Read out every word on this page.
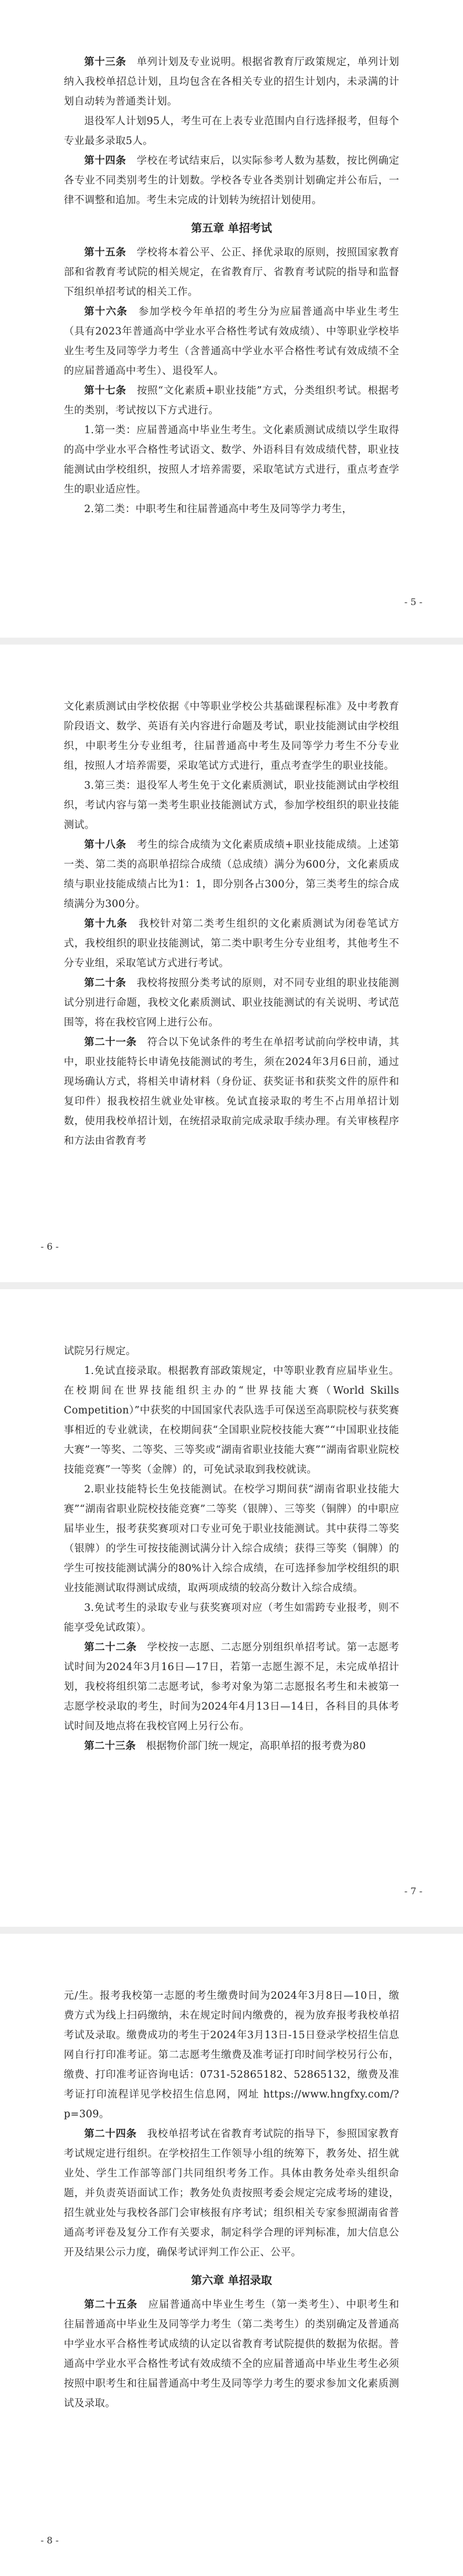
第十三条  单列计划及专业说明。根据省教育厅政策规定，单列计划纳入我校单招总计划，且均包含在各相关专业的招生计划内，未录满的计划自动转为普通类计划。

退役军人计划95人，考生可在上表专业范围内自行选择报考，但每个专业最多录取5人。

第十四条  学校在考试结束后，以实际参考人数为基数，按比例确定各专业不同类别考生的计划数。学校各专业各类别计划确定并公布后，一律不调整和追加。考生未完成的计划转为统招计划使用。

第五章 单招考试

第十五条  学校将本着公平、公正、择优录取的原则，按照国家教育部和省教育考试院的相关规定，在省教育厅、省教育考试院的指导和监督下组织单招考试的相关工作。

第十六条  参加学校今年单招的考生分为应届普通高中毕业生考生（具有2023年普通高中学业水平合格性考试有效成绩）、中等职业学校毕业生考生及同等学力考生（含普通高中学业水平合格性考试有效成绩不全的应届普通高中考生）、退役军人。

第十七条  按照“文化素质+职业技能”方式，分类组织考试。根据考生的类别，考试按以下方式进行。

1.第一类：应届普通高中毕业生考生。文化素质测试成绩以学生取得的高中学业水平合格性考试语文、数学、外语科目有效成绩代替，职业技能测试由学校组织，按照人才培养需要，采取笔试方式进行，重点考查学生的职业适应性。

2.第二类：中职考生和往届普通高中考生及同等学力考生，

- 5 -

文化素质测试由学校依据《中等职业学校公共基础课程标准》及中考教育阶段语文、数学、英语有关内容进行命题及考试，职业技能测试由学校组织，中职考生分专业组考，往届普通高中考生及同等学力考生不分专业组，按照人才培养需要，采取笔试方式进行，重点考查学生的职业技能。

3.第三类：退役军人考生免于文化素质测试，职业技能测试由学校组织，考试内容与第一类考生职业技能测试方式，参加学校组织的职业技能测试。

第十八条  考生的综合成绩为文化素质成绩+职业技能成绩。上述第一类、第二类的高职单招综合成绩（总成绩）满分为600分，文化素质成绩与职业技能成绩占比为1：1，即分别各占300分，第三类考生的综合成绩满分为300分。

第十九条  我校针对第二类考生组织的文化素质测试为闭卷笔试方式，我校组织的职业技能测试，第二类中职考生分专业组考，其他考生不分专业组，采取笔试方式进行考试。

第二十条  我校将按照分类考试的原则，对不同专业组的职业技能测试分别进行命题，我校文化素质测试、职业技能测试的有关说明、考试范围等，将在我校官网上进行公布。

第二十一条  符合以下免试条件的考生在单招考试前向学校申请，其中，职业技能特长申请免技能测试的考生，须在2024年3月6日前，通过现场确认方式，将相关申请材料（身份证、获奖证书和获奖文件的原件和复印件）报我校招生就业处审核。免试直接录取的考生不占用单招计划数，使用我校单招计划，在统招录取前完成录取手续办理。有关审核程序和方法由省教育考

- 6 -

试院另行规定。

1.免试直接录取。根据教育部政策规定，中等职业教育应届毕业生。在校期间在世界技能组织主办的“世界技能大赛（World Skills Competition）”中获奖的中国国家代表队选手可保送至高职院校与获奖赛事相近的专业就读，在校期间获“全国职业院校技能大赛”“中国职业技能大赛”一等奖、二等奖、三等奖或“湖南省职业技能大赛”“湖南省职业院校技能竞赛”一等奖（金牌）的，可免试录取到我校就读。

2.职业技能特长生免技能测试。在校学习期间获“湖南省职业技能大赛”“湖南省职业院校技能竞赛”二等奖（银牌）、三等奖（铜牌）的中职应届毕业生，报考获奖赛项对口专业可免于职业技能测试。其中获得二等奖（银牌）的学生可按技能测试满分计入综合成绩；获得三等奖（铜牌）的学生可按技能测试满分的80%计入综合成绩，在可选择参加学校组织的职业技能测试取得测试成绩，取两项成绩的较高分数计入综合成绩。

3.免试考生的录取专业与获奖赛项对应（考生如需跨专业报考，则不能享受免试政策）。

第二十二条  学校按一志愿、二志愿分别组织单招考试。第一志愿考试时间为2024年3月16日—17日，若第一志愿生源不足，未完成单招计划，我校将组织第二志愿考试，参考对象为第二志愿报名考生和未被第一志愿学校录取的考生，时间为2024年4月13日—14日，各科目的具体考试时间及地点将在我校官网上另行公布。

第二十三条  根据物价部门统一规定，高职单招的报考费为80

- 7 -

元/生。报考我校第一志愿的考生缴费时间为2024年3月8日—10日，缴费方式为线上扫码缴纳，未在规定时间内缴费的，视为放弃报考我校单招考试及录取。缴费成功的考生于2024年3月13日-15日登录学校招生信息网自行打印准考证。第二志愿考生缴费及准考证打印时间学校另行公布，缴费、打印准考证咨询电话：0731-52865182、52865132，缴费及准考证打印流程详见学校招生信息网，网址 https://www.hngfxy.com/?p=309。

第二十四条  我校单招考试在省教育考试院的指导下，参照国家教育考试规定进行组织。在学校招生工作领导小组的统筹下，教务处、招生就业处、学生工作部等部门共同组织考务工作。具体由教务处牵头组织命题，并负责英语面试工作；教务处负责按照考委会规定完成考场的建设，招生就业处与我校各部门会审核报有序考试；组织相关专家参照湖南省普通高考评卷及复分工作有关要求，制定科学合理的评判标准，加大信息公开及结果公示力度，确保考试评判工作公正、公平。

第六章 单招录取

第二十五条  应届普通高中毕业生考生（第一类考生）、中职考生和往届普通高中毕业生及同等学力考生（第二类考生）的类别确定及普通高中学业水平合格性考试成绩的认定以省教育考试院提供的数据为依据。普通高中学业水平合格性考试有效成绩不全的应届普通高中毕业生考生必须按照中职考生和往届普通高中考生及同等学力考生的要求参加文化素质测试及录取。

- 8 -
